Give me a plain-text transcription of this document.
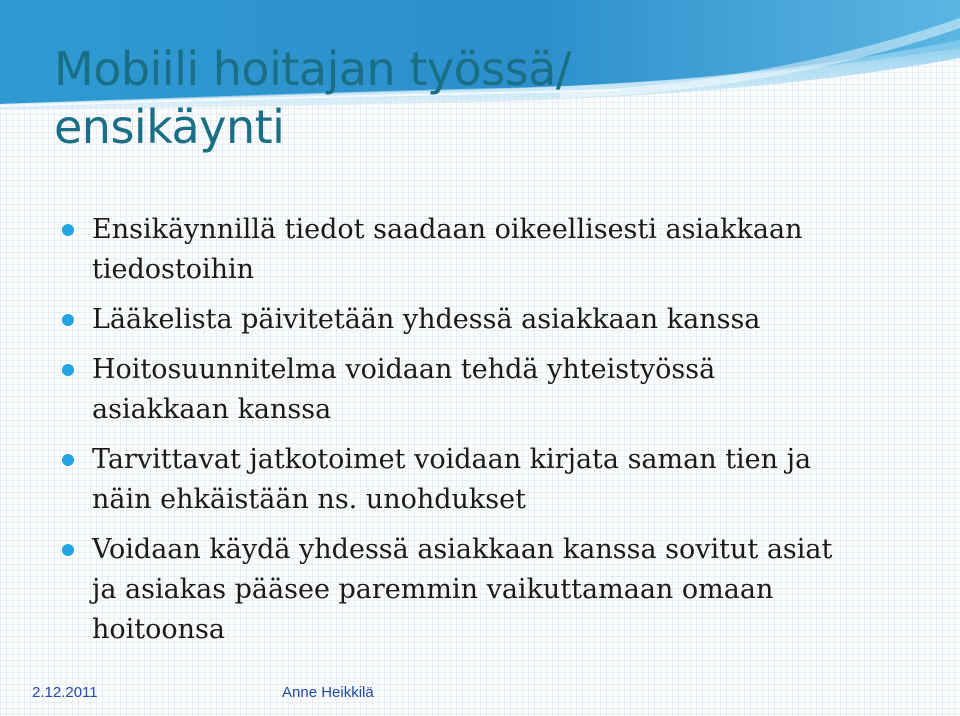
Mobiili hoitajan työssä/
ensikäynti
Ensikäynnillä tiedot saadaan oikeellisesti asiakkaan
tiedostoihin
Lääkelista päivitetään yhdessä asiakkaan kanssa
Hoitosuunnitelma voidaan tehdä yhteistyössä
asiakkaan kanssa
Tarvittavat jatkotoimet voidaan kirjata saman tien ja
näin ehkäistään ns. unohdukset
Voidaan käydä yhdessä asiakkaan kanssa sovitut asiat
ja asiakas pääsee paremmin vaikuttamaan omaan
hoitoonsa
2.12.2011	Anne Heikkilä
